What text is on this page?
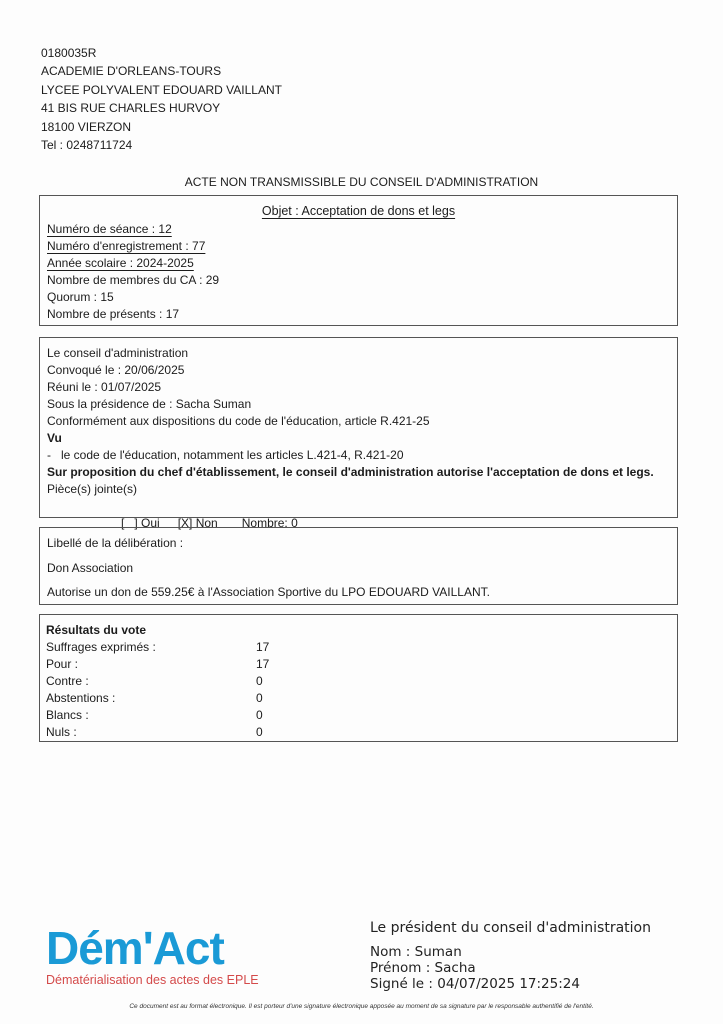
0180035R
ACADEMIE D'ORLEANS-TOURS
LYCEE POLYVALENT EDOUARD VAILLANT
41 BIS RUE CHARLES HURVOY
18100 VIERZON
Tel : 0248711724
ACTE NON TRANSMISSIBLE DU CONSEIL D'ADMINISTRATION
Objet : Acceptation de dons et legs
Numéro de séance : 12
Numéro d'enregistrement : 77
Année scolaire : 2024-2025
Nombre de membres du CA : 29
Quorum : 15
Nombre de présents : 17
Le conseil d'administration
Convoqué le : 20/06/2025
Réuni le : 01/07/2025
Sous la présidence de : Sacha Suman
Conformément aux dispositions du code de l'éducation, article R.421-25
Vu
-   le code de l'éducation, notamment les articles L.421-4, R.421-20
Sur proposition du chef d'établissement, le conseil d'administration autorise l'acceptation de dons et legs.
Pièce(s) jointe(s)

[   ] Oui [X] Non Nombre: 0

Libellé de la délibération :
Don Association
Autorise un don de 559.25€ à l'Association Sportive du LPO EDOUARD VAILLANT.
Résultats du vote
Suffrages exprimés :	17
Pour :	17
Contre :	0
Abstentions :	0
Blancs :	0
Nuls :	0
Dém'Act
Dématérialisation des actes des EPLE
Le président du conseil d'administration
Nom : Suman
Prénom : Sacha
Signé le : 04/07/2025 17:25:24
Ce document est au format électronique. Il est porteur d'une signature électronique apposée au moment de sa signature par le responsable authentifié de l'entité.
